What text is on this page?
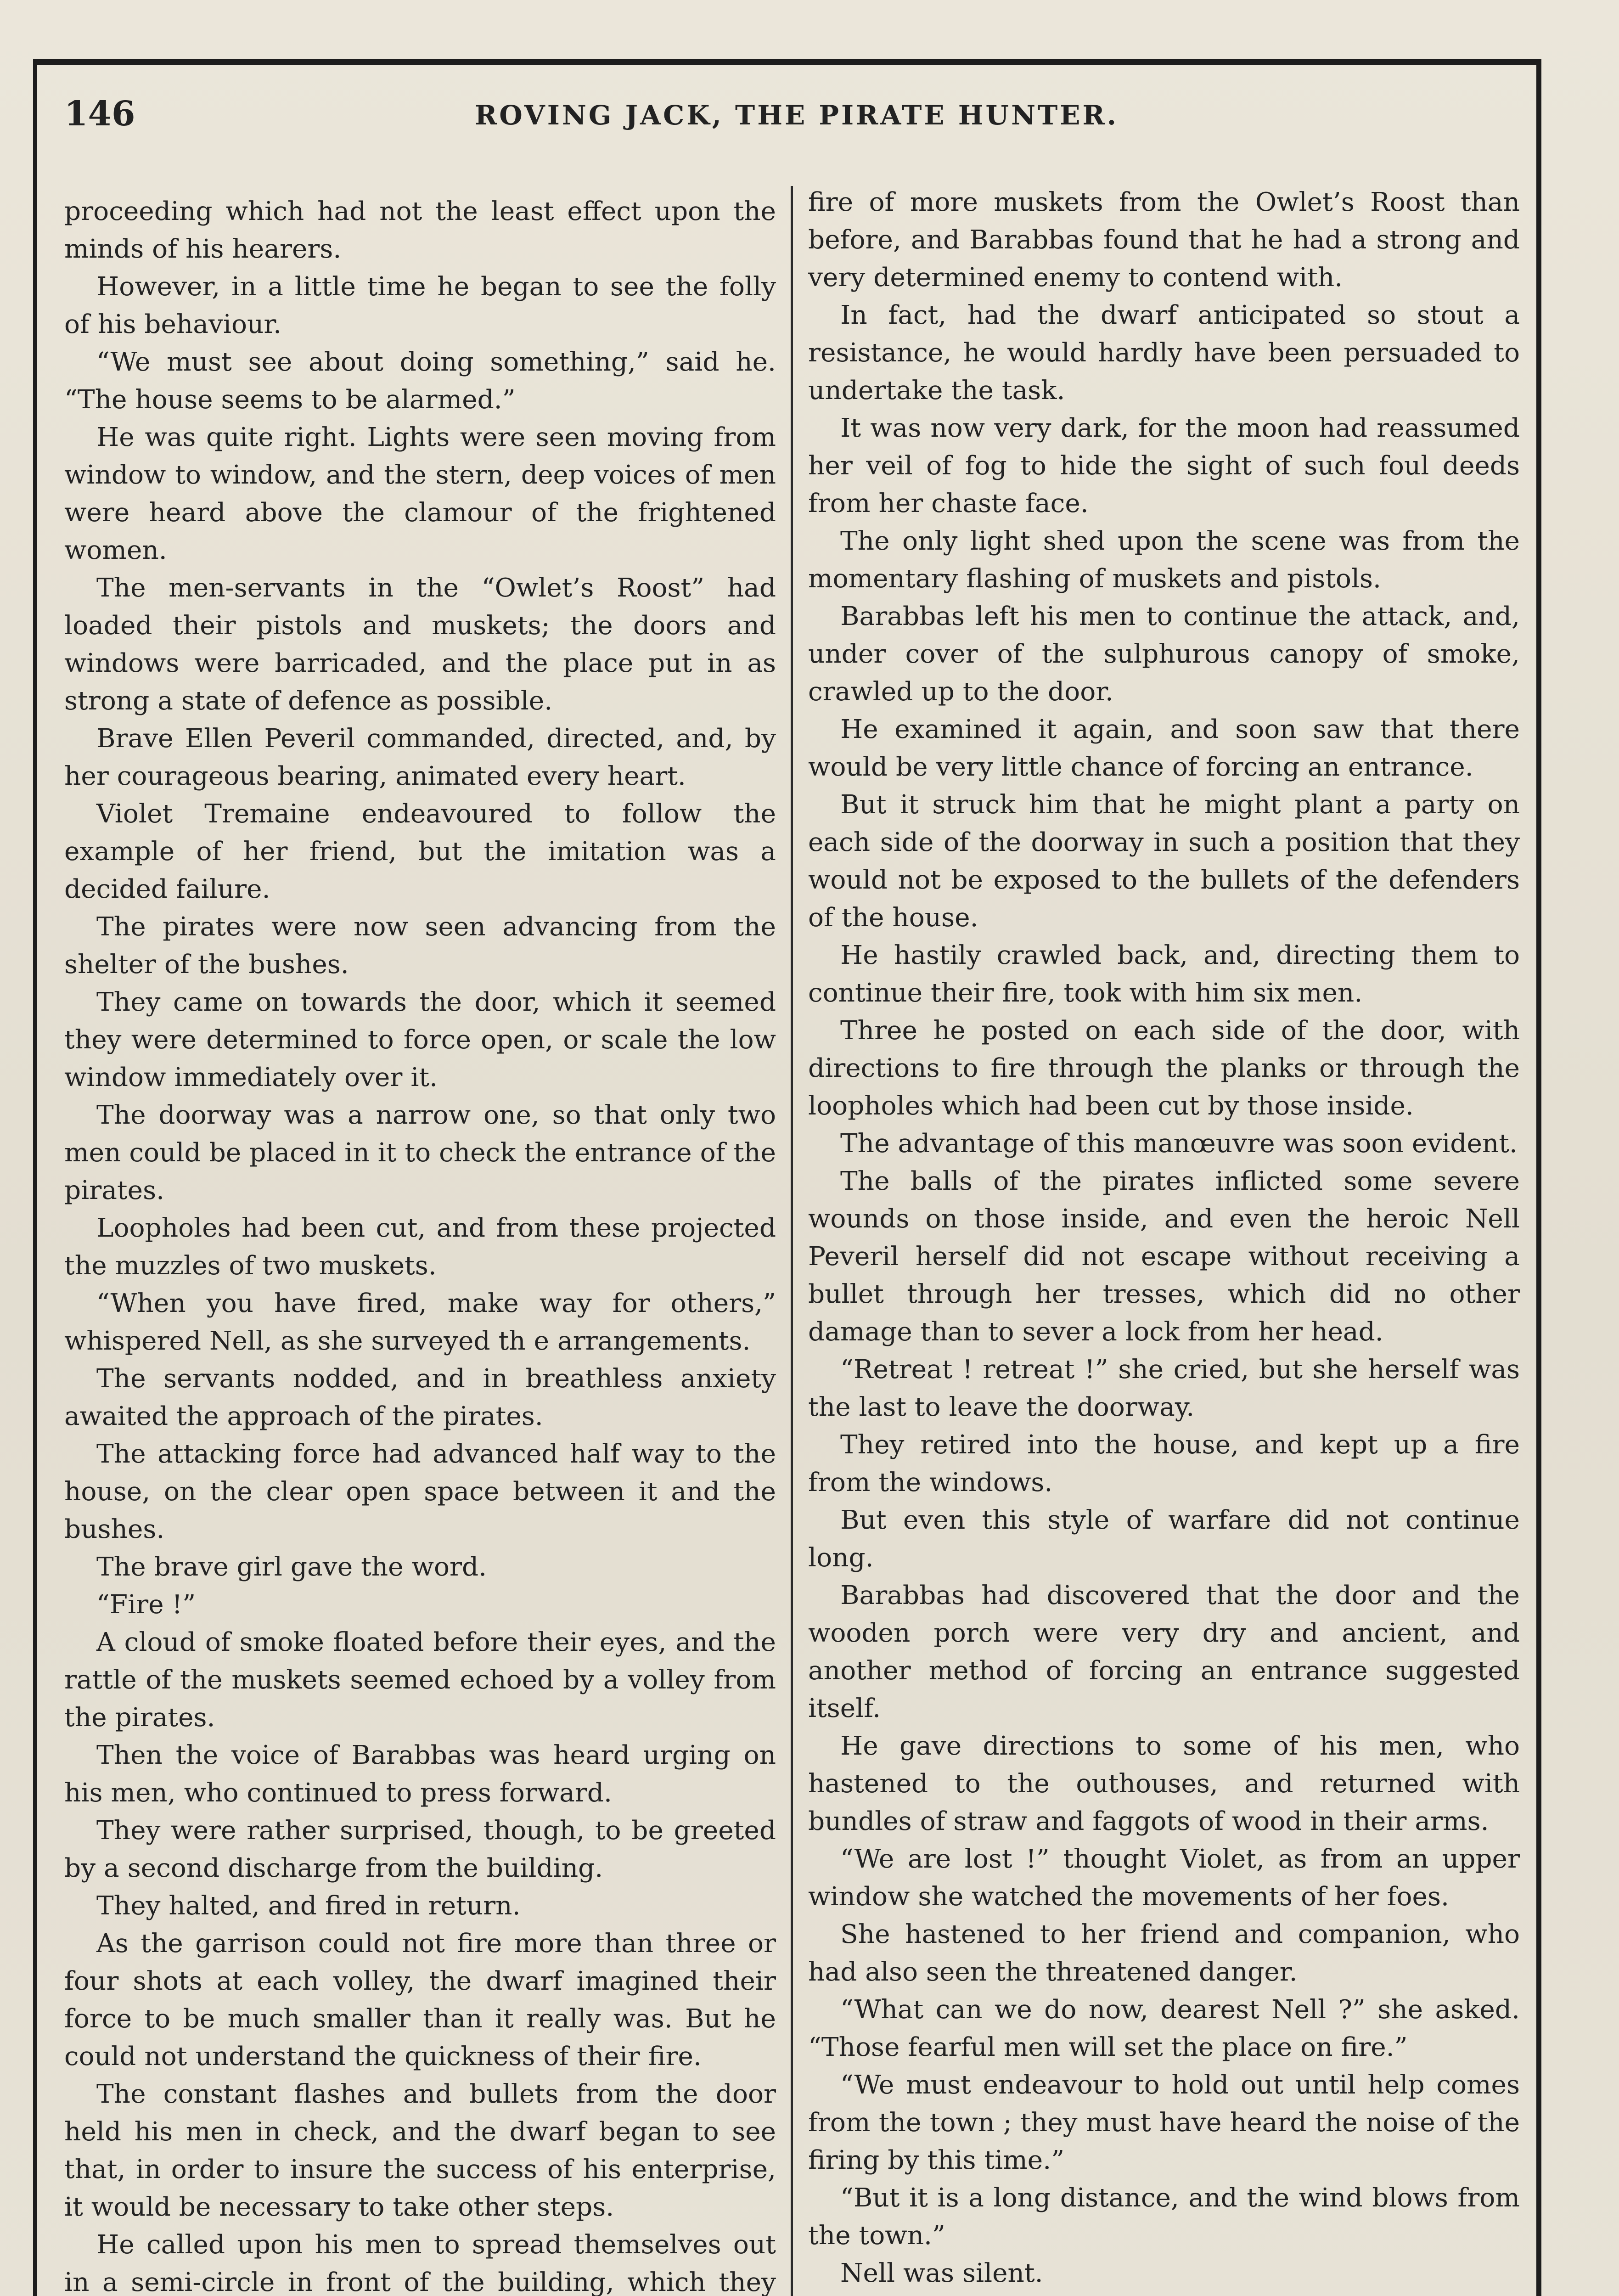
146	ROVING JACK, THE PIRATE HUNTER.

proceeding which had not the least effect upon the minds of his hearers.

However, in a little time he began to see the folly of his behaviour.

“We must see about doing something,” said he. “The house seems to be alarmed.”

He was quite right. Lights were seen moving from window to window, and the stern, deep voices of men were heard above the clamour of the frightened women.

The men-servants in the “Owlet’s Roost” had loaded their pistols and muskets; the doors and windows were barricaded, and the place put in as strong a state of defence as possible.

Brave Ellen Peveril commanded, directed, and, by her courageous bearing, animated every heart.

Violet Tremaine endeavoured to follow the example of her friend, but the imitation was a decided failure.

The pirates were now seen advancing from the shelter of the bushes.

They came on towards the door, which it seemed they were determined to force open, or scale the low window immediately over it.

The doorway was a narrow one, so that only two men could be placed in it to check the entrance of the pirates.

Loopholes had been cut, and from these projected the muzzles of two muskets.

“When you have fired, make way for others,” whispered Nell, as she surveyed th e arrangements.

The servants nodded, and in breathless anxiety awaited the approach of the pirates.

The attacking force had advanced half way to the house, on the clear open space between it and the bushes.

The brave girl gave the word.

“Fire !”

A cloud of smoke floated before their eyes, and the rattle of the muskets seemed echoed by a volley from the pirates.

Then the voice of Barabbas was heard urging on his men, who continued to press forward.

They were rather surprised, though, to be greeted by a second discharge from the building.

They halted, and fired in return.

As the garrison could not fire more than three or four shots at each volley, the dwarf imagined their force to be much smaller than it really was. But he could not understand the quickness of their fire.

The constant flashes and bullets from the door held his men in check, and the dwarf began to see that, in order to insure the success of his enterprise, it would be necessary to take other steps.

He called upon his men to spread themselves out in a semi-circle in front of the building, which they

fire of more muskets from the Owlet’s Roost than before, and Barabbas found that he had a strong and very determined enemy to contend with.

In fact, had the dwarf anticipated so stout a resistance, he would hardly have been persuaded to undertake the task.

It was now very dark, for the moon had reassumed her veil of fog to hide the sight of such foul deeds from her chaste face.

The only light shed upon the scene was from the momentary flashing of muskets and pistols.

Barabbas left his men to continue the attack, and, under cover of the sulphurous canopy of smoke, crawled up to the door.

He examined it again, and soon saw that there would be very little chance of forcing an entrance.

But it struck him that he might plant a party on each side of the doorway in such a position that they would not be exposed to the bullets of the defenders of the house.

He hastily crawled back, and, directing them to continue their fire, took with him six men.

Three he posted on each side of the door, with directions to fire through the planks or through the loopholes which had been cut by those inside.

The advantage of this manœuvre was soon evident.

The balls of the pirates inflicted some severe wounds on those inside, and even the heroic Nell Peveril herself did not escape without receiving a bullet through her tresses, which did no other damage than to sever a lock from her head.

“Retreat ! retreat !” she cried, but she herself was the last to leave the doorway.

They retired into the house, and kept up a fire from the windows.

But even this style of warfare did not continue long.

Barabbas had discovered that the door and the wooden porch were very dry and ancient, and another method of forcing an entrance suggested itself.

He gave directions to some of his men, who hastened to the outhouses, and returned with bundles of straw and faggots of wood in their arms.

“We are lost !” thought Violet, as from an upper window she watched the movements of her foes.

She hastened to her friend and companion, who had also seen the threatened danger.

“What can we do now, dearest Nell ?” she asked. “Those fearful men will set the place on fire.”

“We must endeavour to hold out until help comes from the town ; they must have heard the noise of the firing by this time.”

“But it is a long distance, and the wind blows from the town.”

Nell was silent.
